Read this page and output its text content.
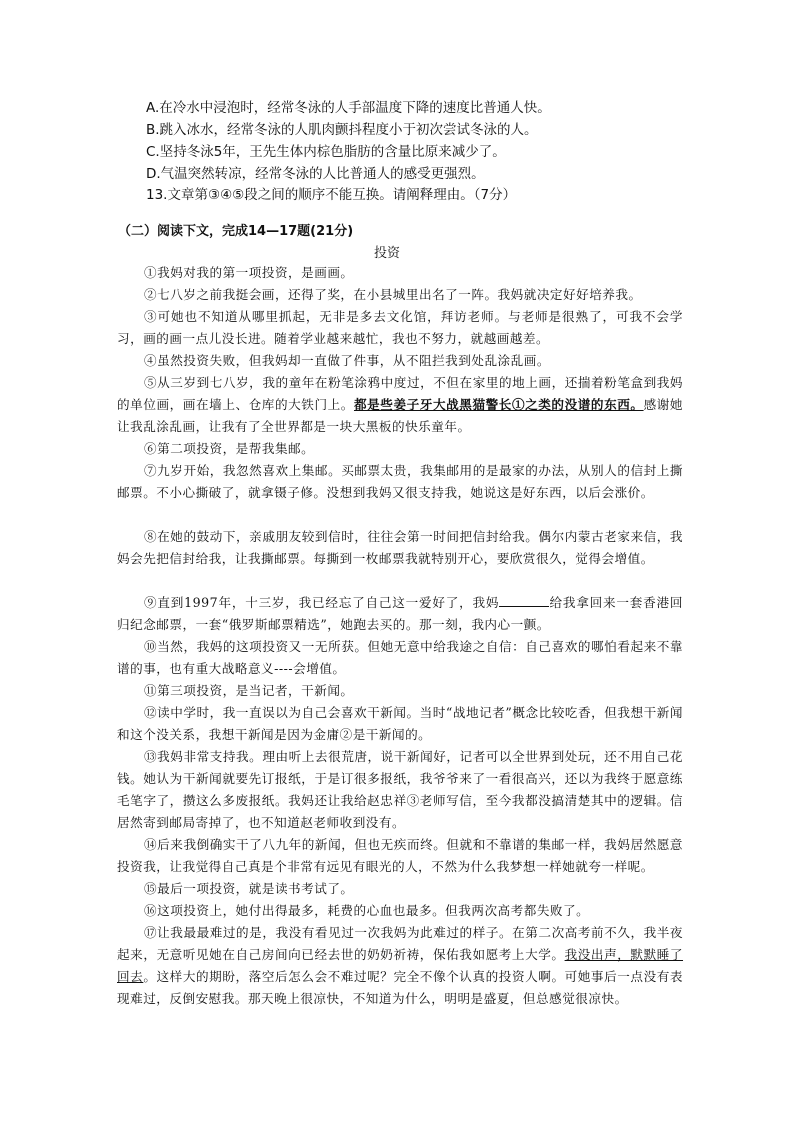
A.在冷水中浸泡时，经常冬泳的人手部温度下降的速度比普通人快。
B.跳入冰水，经常冬泳的人肌肉颤抖程度小于初次尝试冬泳的人。
C.坚持冬泳5年，王先生体内棕色脂肪的含量比原来减少了。
D.气温突然转凉，经常冬泳的人比普通人的感受更强烈。
13.文章第③④⑤段之间的顺序不能互换。请阐释理由。（7分）
（二）阅读下文，完成14—17题(21分)
投资
①我妈对我的第一项投资，是画画。
②七八岁之前我挺会画，还得了奖，在小县城里出名了一阵。我妈就决定好好培养我。
③可她也不知道从哪里抓起，无非是多去文化馆，拜访老师。与老师是很熟了，可我不会学习，画的画一点儿没长进。随着学业越来越忙，我也不努力，就越画越差。
④虽然投资失败，但我妈却一直做了件事，从不阻拦我到处乱涂乱画。
⑤从三岁到七八岁，我的童年在粉笔涂鸦中度过，不但在家里的地上画，还揣着粉笔盒到我妈的单位画，画在墙上、仓库的大铁门上。都是些姜子牙大战黑猫警长①之类的没谱的东西。感谢她让我乱涂乱画，让我有了全世界都是一块大黑板的快乐童年。
⑥第二项投资，是帮我集邮。
⑦九岁开始，我忽然喜欢上集邮。买邮票太贵，我集邮用的是最家的办法，从别人的信封上撕邮票。不小心撕破了，就拿镊子修。没想到我妈又很支持我，她说这是好东西，以后会涨价。
⑧在她的鼓动下，亲戚朋友较到信时，往往会第一时间把信封给我。偶尔内蒙古老家来信，我妈会先把信封给我，让我撕邮票。每撕到一枚邮票我就特别开心，要欣赏很久，觉得会增值。
⑨直到1997年，十三岁，我已经忘了自己这一爱好了，我妈	给我拿回来一套香港回归纪念邮票，一套“俄罗斯邮票精选”，她跑去买的。那一刻，我内心一颤。
⑩当然，我妈的这项投资又一无所获。但她无意中给我途之自信：自己喜欢的哪怕看起来不靠谱的事，也有重大战略意义----会增值。
⑪第三项投资，是当记者，干新闻。
⑫读中学时，我一直误以为自己会喜欢干新闻。当时“战地记者”概念比较吃香，但我想干新闻和这个没关系，我想干新闻是因为金庸②是干新闻的。
⑬我妈非常支持我。理由听上去很荒唐，说干新闻好，记者可以全世界到处玩，还不用自己花钱。她认为干新闻就要先订报纸，于是订很多报纸，我爷爷来了一看很高兴，还以为我终于愿意练毛笔字了，攒这么多废报纸。我妈还让我给赵忠祥③老师写信，至今我都没搞清楚其中的逻辑。信居然寄到邮局寄掉了，也不知道赵老师收到没有。
⑭后来我倒确实干了八九年的新闻，但也无疾而终。但就和不靠谱的集邮一样，我妈居然愿意投资我，让我觉得自己真是个非常有远见有眼光的人，不然为什么我梦想一样她就夸一样呢。
⑮最后一项投资，就是读书考试了。
⑯这项投资上，她付出得最多，耗费的心血也最多。但我两次高考都失败了。
⑰让我最最难过的是，我没有看见过一次我妈为此难过的样子。在第二次高考前不久，我半夜起来，无意听见她在自己房间向已经去世的奶奶祈祷，保佑我如愿考上大学。我没出声，默默睡了回去。这样大的期盼，落空后怎么会不难过呢？完全不像个认真的投资人啊。可她事后一点没有表现难过，反倒安慰我。那天晚上很凉快，不知道为什么，明明是盛夏，但总感觉很凉快。
